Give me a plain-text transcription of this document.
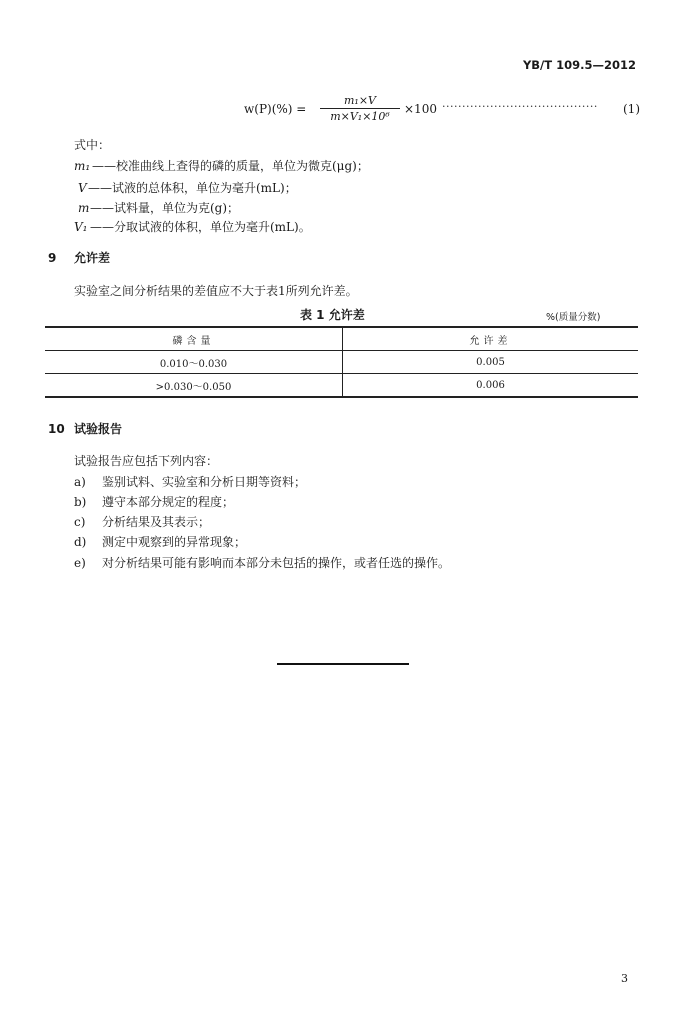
YB/T 109.5—2012
$w(P)(\%) = \frac{\text{m₁×V}}{\text{m×V₁×10⁶}} \times 100$ ······································· (1)
式中：
m₁ ——校准曲线上查得的磷的质量，单位为微克(μg)；
V——试液的总体积，单位为毫升(mL)；
m——试料量，单位为克(g)；
V₁ ——分取试液的体积，单位为毫升(mL)。
9 允许差
实验室之间分析结果的差值应不大于表1所列允许差。
表 1 允许差	%(质量分数)
磷含量	允许差
0.010～0.030	0.005
>0.030～0.050	0.006
10 试验报告
试验报告应包括下列内容：
a) 鉴别试料、实验室和分析日期等资料；
b) 遵守本部分规定的程度；
c) 分析结果及其表示；
d) 测定中观察到的异常现象；
e) 对分析结果可能有影响而本部分未包括的操作，或者任选的操作。
3
